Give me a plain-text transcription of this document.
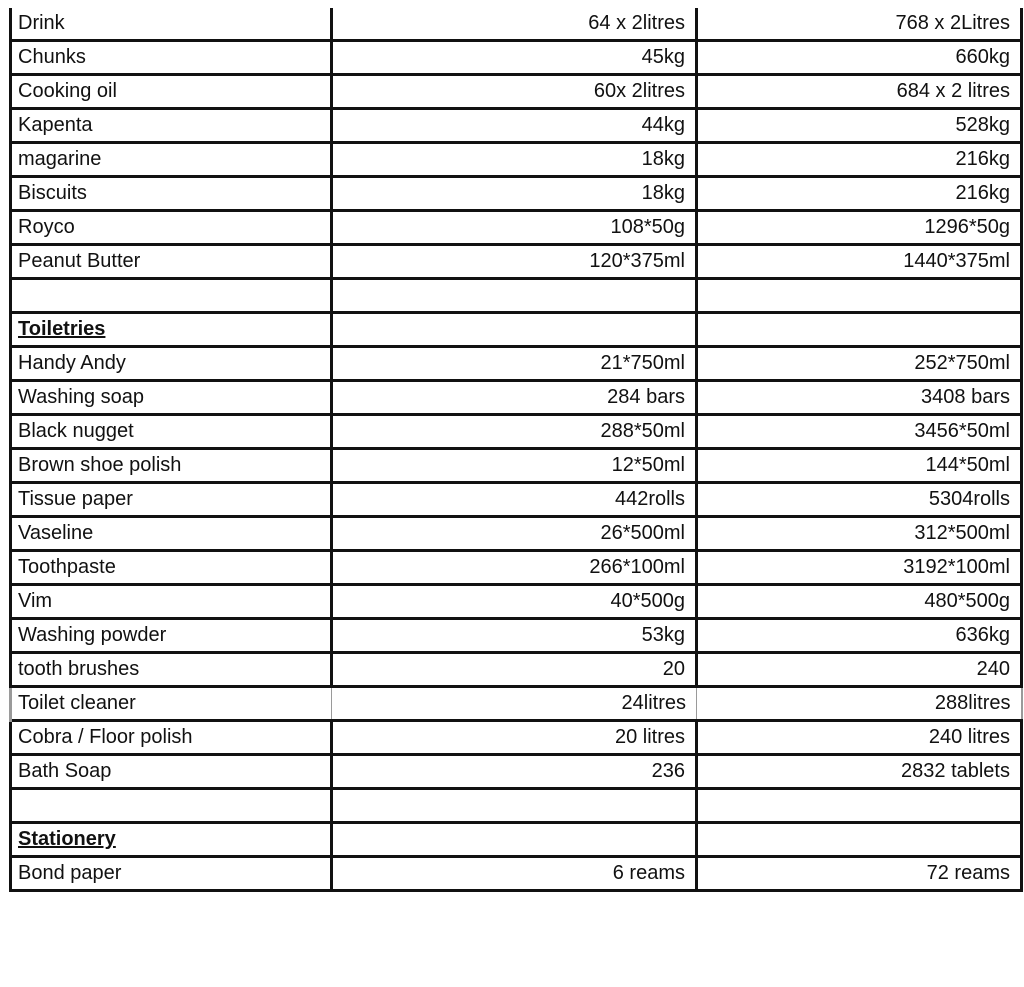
Drink	64 x 2litres	768 x 2Litres
Chunks	45kg	660kg
Cooking oil	60x 2litres	684 x 2 litres
Kapenta	44kg	528kg
magarine	18kg	216kg
Biscuits	18kg	216kg
Royco	108*50g	1296*50g
Peanut Butter	120*375ml	1440*375ml

Toiletries		
Handy Andy	21*750ml	252*750ml
Washing soap	284 bars	3408 bars
Black nugget	288*50ml	3456*50ml
Brown shoe polish	12*50ml	144*50ml
Tissue paper	442rolls	5304rolls
Vaseline	26*500ml	312*500ml
Toothpaste	266*100ml	3192*100ml
Vim	40*500g	480*500g
Washing powder	53kg	636kg
tooth brushes	20	240
Toilet cleaner	24litres	288litres
Cobra / Floor polish	20 litres	240 litres
Bath Soap	236	2832 tablets

Stationery		
Bond paper	6 reams	72 reams
